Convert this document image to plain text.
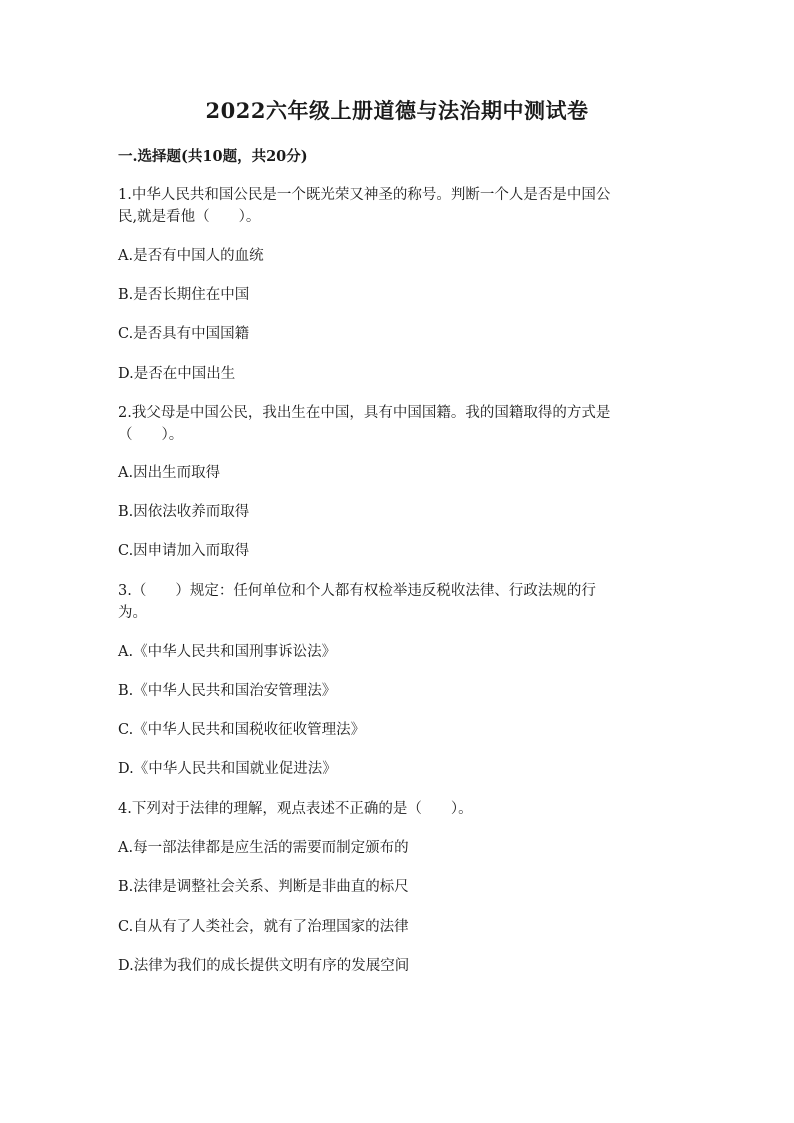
2022六年级上册道德与法治期中测试卷
一.选择题(共10题，共20分)
1.中华人民共和国公民是一个既光荣又神圣的称号。判断一个人是否是中国公
民,就是看他（　　）。
A.是否有中国人的血统
B.是否长期住在中国
C.是否具有中国国籍
D.是否在中国出生
2.我父母是中国公民，我出生在中国，具有中国国籍。我的国籍取得的方式是
（　　）。
A.因出生而取得
B.因依法收养而取得
C.因申请加入而取得
3.（　　）规定：任何单位和个人都有权检举违反税收法律、行政法规的行
为。
A.《中华人民共和国刑事诉讼法》
B.《中华人民共和国治安管理法》
C.《中华人民共和国税收征收管理法》
D.《中华人民共和国就业促进法》
4.下列对于法律的理解，观点表述不正确的是（　　）。
A.每一部法律都是应生活的需要而制定颁布的
B.法律是调整社会关系、判断是非曲直的标尺
C.自从有了人类社会，就有了治理国家的法律
D.法律为我们的成长提供文明有序的发展空间
